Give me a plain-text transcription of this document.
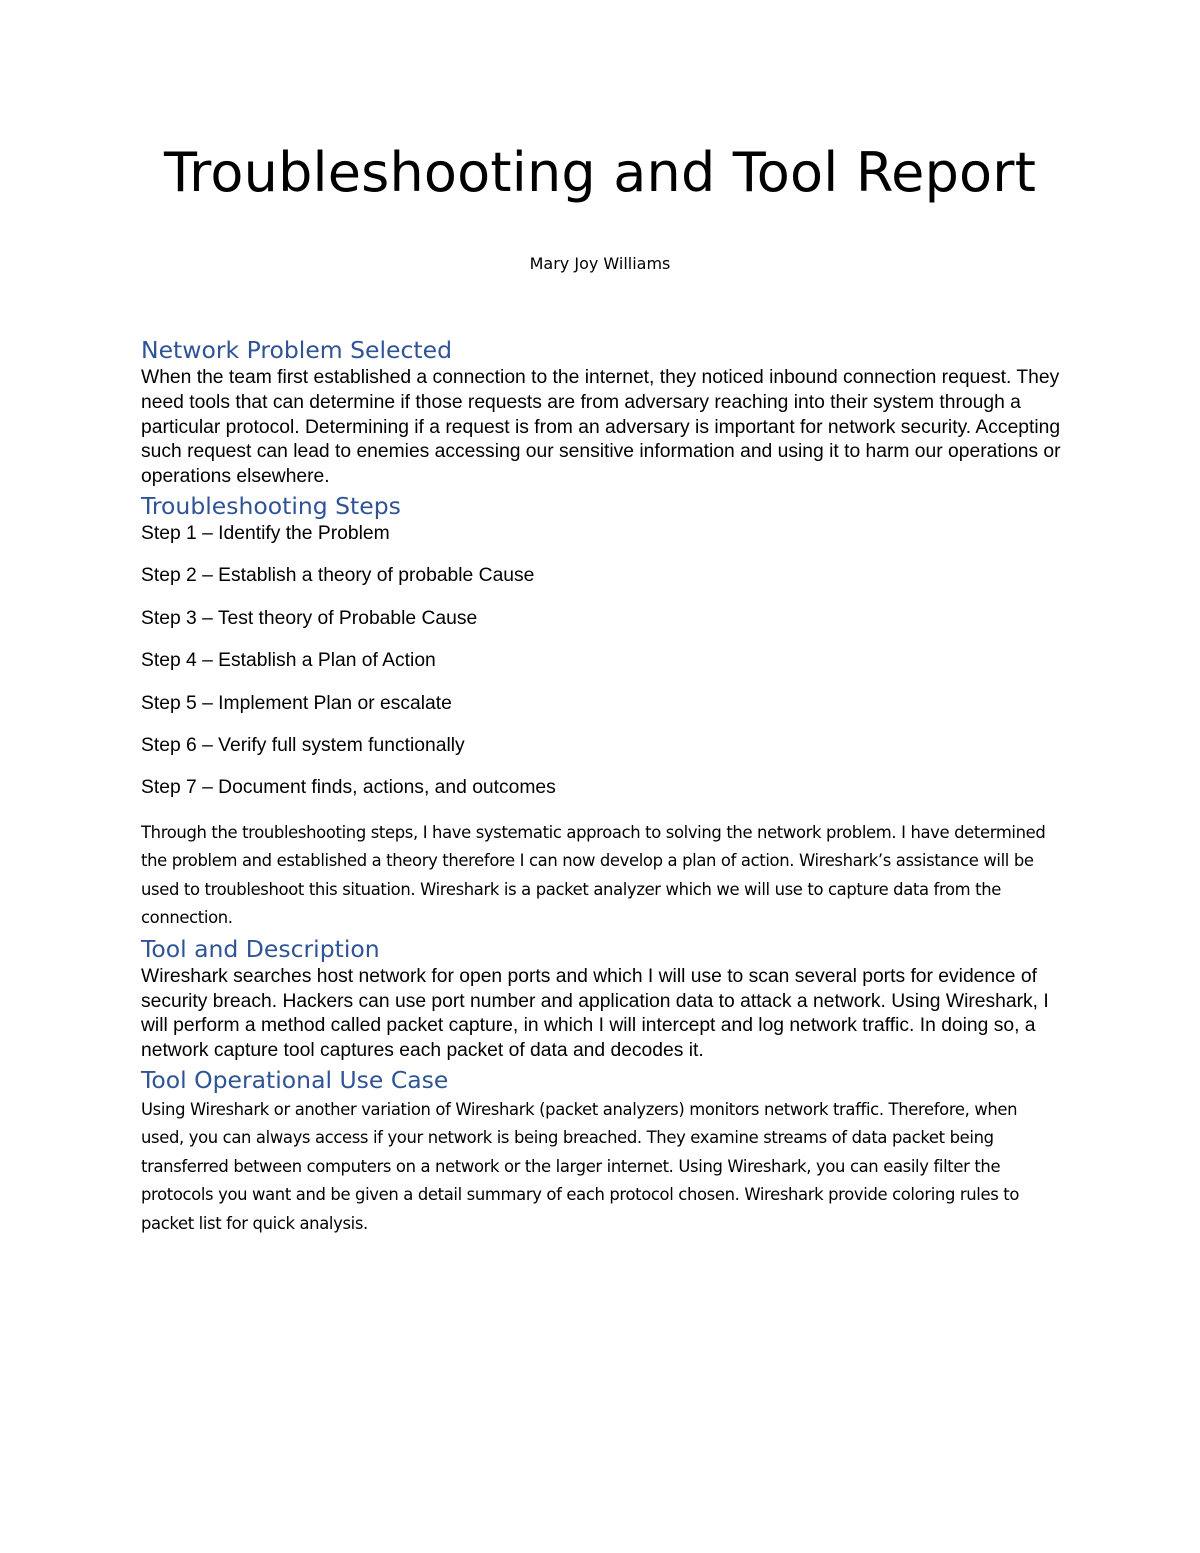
Troubleshooting and Tool Report

Mary Joy Williams

Network Problem Selected

When the team first established a connection to the internet, they noticed inbound connection request. They need tools that can determine if those requests are from adversary reaching into their system through a particular protocol. Determining if a request is from an adversary is important for network security. Accepting such request can lead to enemies accessing our sensitive information and using it to harm our operations or operations elsewhere.

Troubleshooting Steps

Step 1 – Identify the Problem

Step 2 – Establish a theory of probable Cause

Step 3 – Test theory of Probable Cause

Step 4 – Establish a Plan of Action

Step 5 – Implement Plan or escalate

Step 6 – Verify full system functionally

Step 7 – Document finds, actions, and outcomes

Through the troubleshooting steps, I have systematic approach to solving the network problem. I have determined the problem and established a theory therefore I can now develop a plan of action. Wireshark’s assistance will be used to troubleshoot this situation. Wireshark is a packet analyzer which we will use to capture data from the connection.

Tool and Description

Wireshark searches host network for open ports and which I will use to scan several ports for evidence of security breach. Hackers can use port number and application data to attack a network. Using Wireshark, I will perform a method called packet capture, in which I will intercept and log network traffic. In doing so, a network capture tool captures each packet of data and decodes it.

Tool Operational Use Case

Using Wireshark or another variation of Wireshark (packet analyzers) monitors network traffic. Therefore, when used, you can always access if your network is being breached. They examine streams of data packet being transferred between computers on a network or the larger internet. Using Wireshark, you can easily filter the protocols you want and be given a detail summary of each protocol chosen. Wireshark provide coloring rules to packet list for quick analysis.
